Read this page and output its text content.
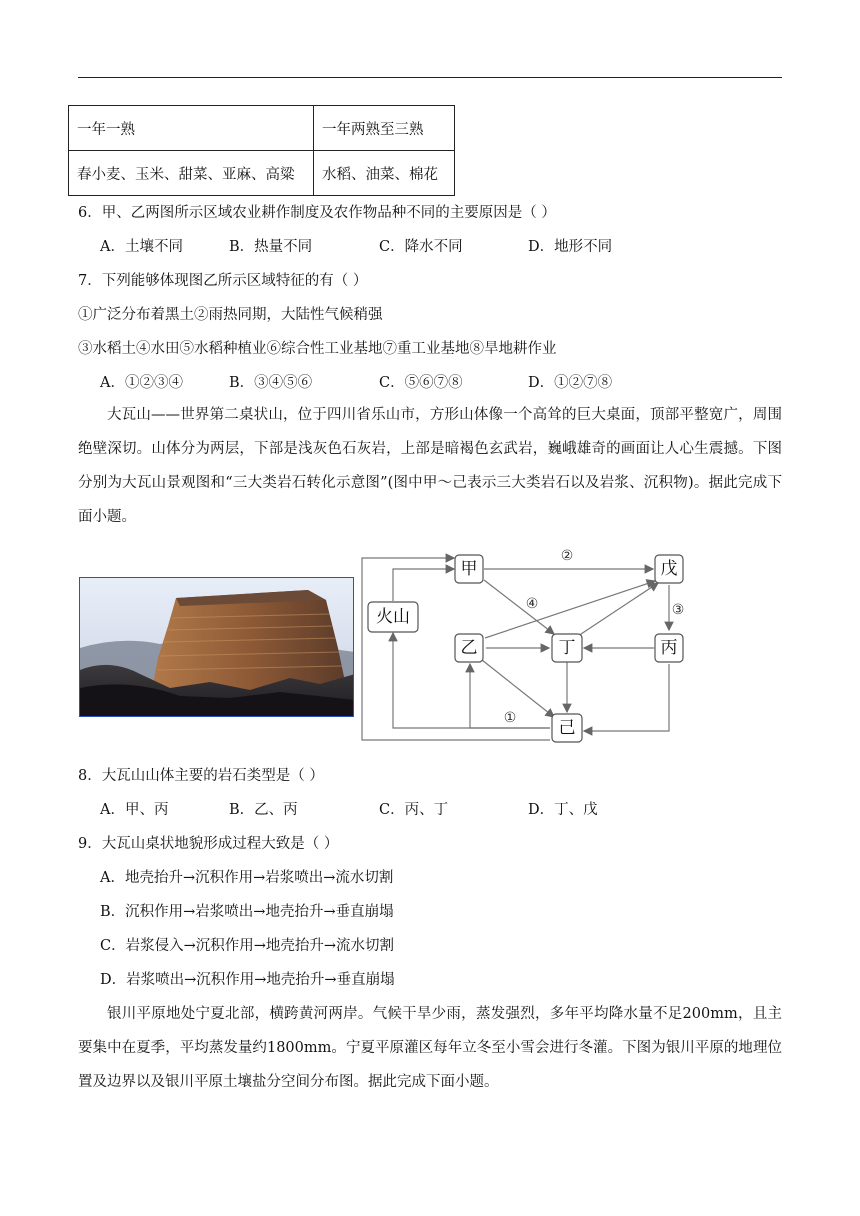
一年一熟	一年两熟至三熟
春小麦、玉米、甜菜、亚麻、高粱	水稻、油菜、棉花
6．甲、乙两图所示区域农业耕作制度及农作物品种不同的主要原因是（ ）
A．土壤不同	B．热量不同	C．降水不同	D．地形不同
7．下列能够体现图乙所示区域特征的有（ ）
①广泛分布着黑土②雨热同期，大陆性气候稍强
③水稻土④水田⑤水稻种植业⑥综合性工业基地⑦重工业基地⑧旱地耕作业
A．①②③④	B．③④⑤⑥	C．⑤⑥⑦⑧	D．①②⑦⑧

大瓦山——世界第二桌状山，位于四川省乐山市，方形山体像一个高耸的巨大桌面，顶部平整宽广，周围绝壁深切。山体分为两层，下部是浅灰色石灰岩，上部是暗褐色玄武岩，巍峨雄奇的画面让人心生震撼。下图分别为大瓦山景观图和“三大类岩石转化示意图”(图中甲～己表示三大类岩石以及岩浆、沉积物)。据此完成下面小题。

甲	戊
火山
乙	丁	丙
己
②
④	③
①
8．大瓦山山体主要的岩石类型是（ ）
A．甲、丙	B．乙、丙	C．丙、丁	D．丁、戊
9．大瓦山桌状地貌形成过程大致是（ ）
A．地壳抬升→沉积作用→岩浆喷出→流水切割
B．沉积作用→岩浆喷出→地壳抬升→垂直崩塌
C．岩浆侵入→沉积作用→地壳抬升→流水切割
D．岩浆喷出→沉积作用→地壳抬升→垂直崩塌

银川平原地处宁夏北部，横跨黄河两岸。气候干旱少雨，蒸发强烈，多年平均降水量不足200mm，且主要集中在夏季，平均蒸发量约1800mm。宁夏平原灌区每年立冬至小雪会进行冬灌。下图为银川平原的地理位置及边界以及银川平原土壤盐分空间分布图。据此完成下面小题。
